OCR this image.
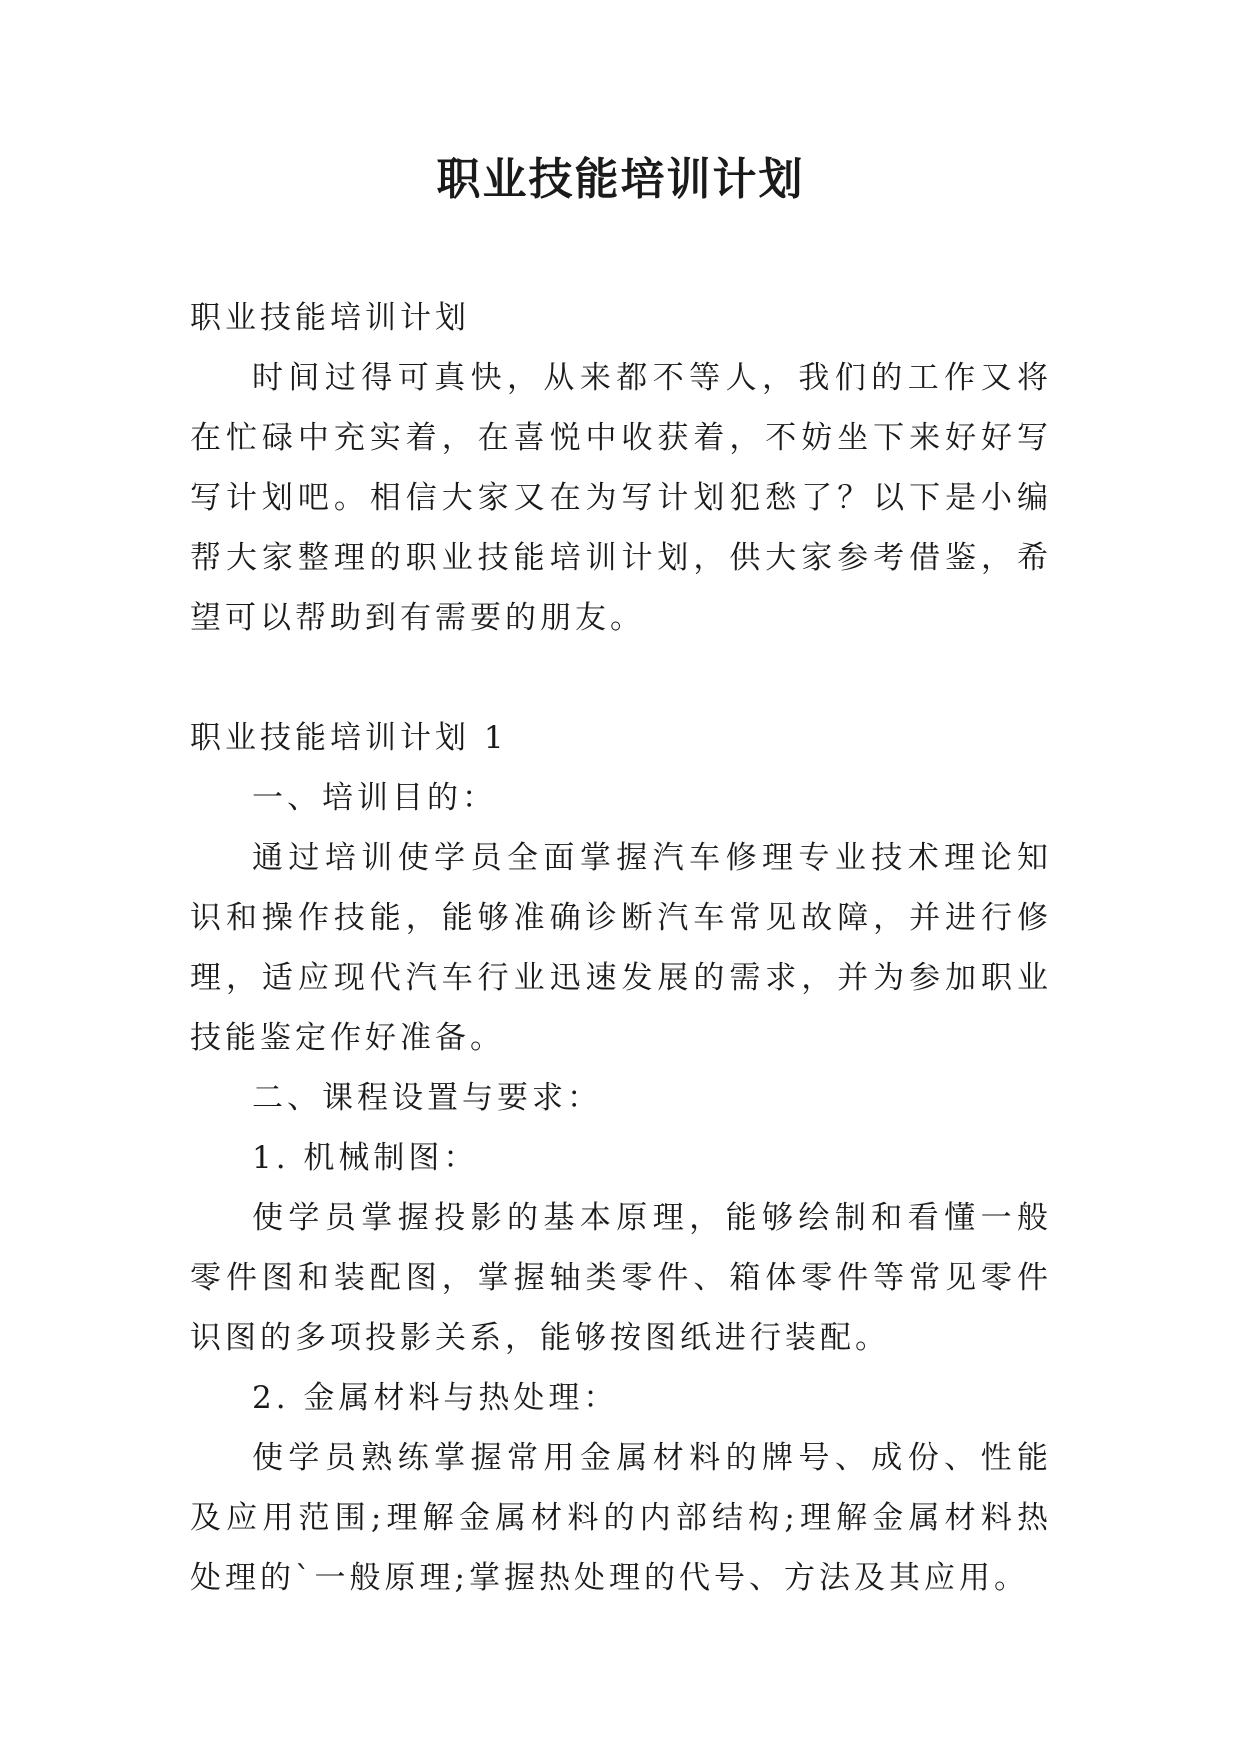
职业技能培训计划

职业技能培训计划

时间过得可真快，从来都不等人，我们的工作又将在忙碌中充实着，在喜悦中收获着，不妨坐下来好好写写计划吧。相信大家又在为写计划犯愁了？以下是小编帮大家整理的职业技能培训计划，供大家参考借鉴，希望可以帮助到有需要的朋友。

职业技能培训计划 1

一、培训目的：

通过培训使学员全面掌握汽车修理专业技术理论知识和操作技能，能够准确诊断汽车常见故障，并进行修理，适应现代汽车行业迅速发展的需求，并为参加职业技能鉴定作好准备。

二、课程设置与要求：

1. 机械制图：

使学员掌握投影的基本原理，能够绘制和看懂一般零件图和装配图，掌握轴类零件、箱体零件等常见零件识图的多项投影关系，能够按图纸进行装配。

2. 金属材料与热处理：

使学员熟练掌握常用金属材料的牌号、成份、性能及应用范围;理解金属材料的内部结构;理解金属材料热处理的`一般原理;掌握热处理的代号、方法及其应用。
